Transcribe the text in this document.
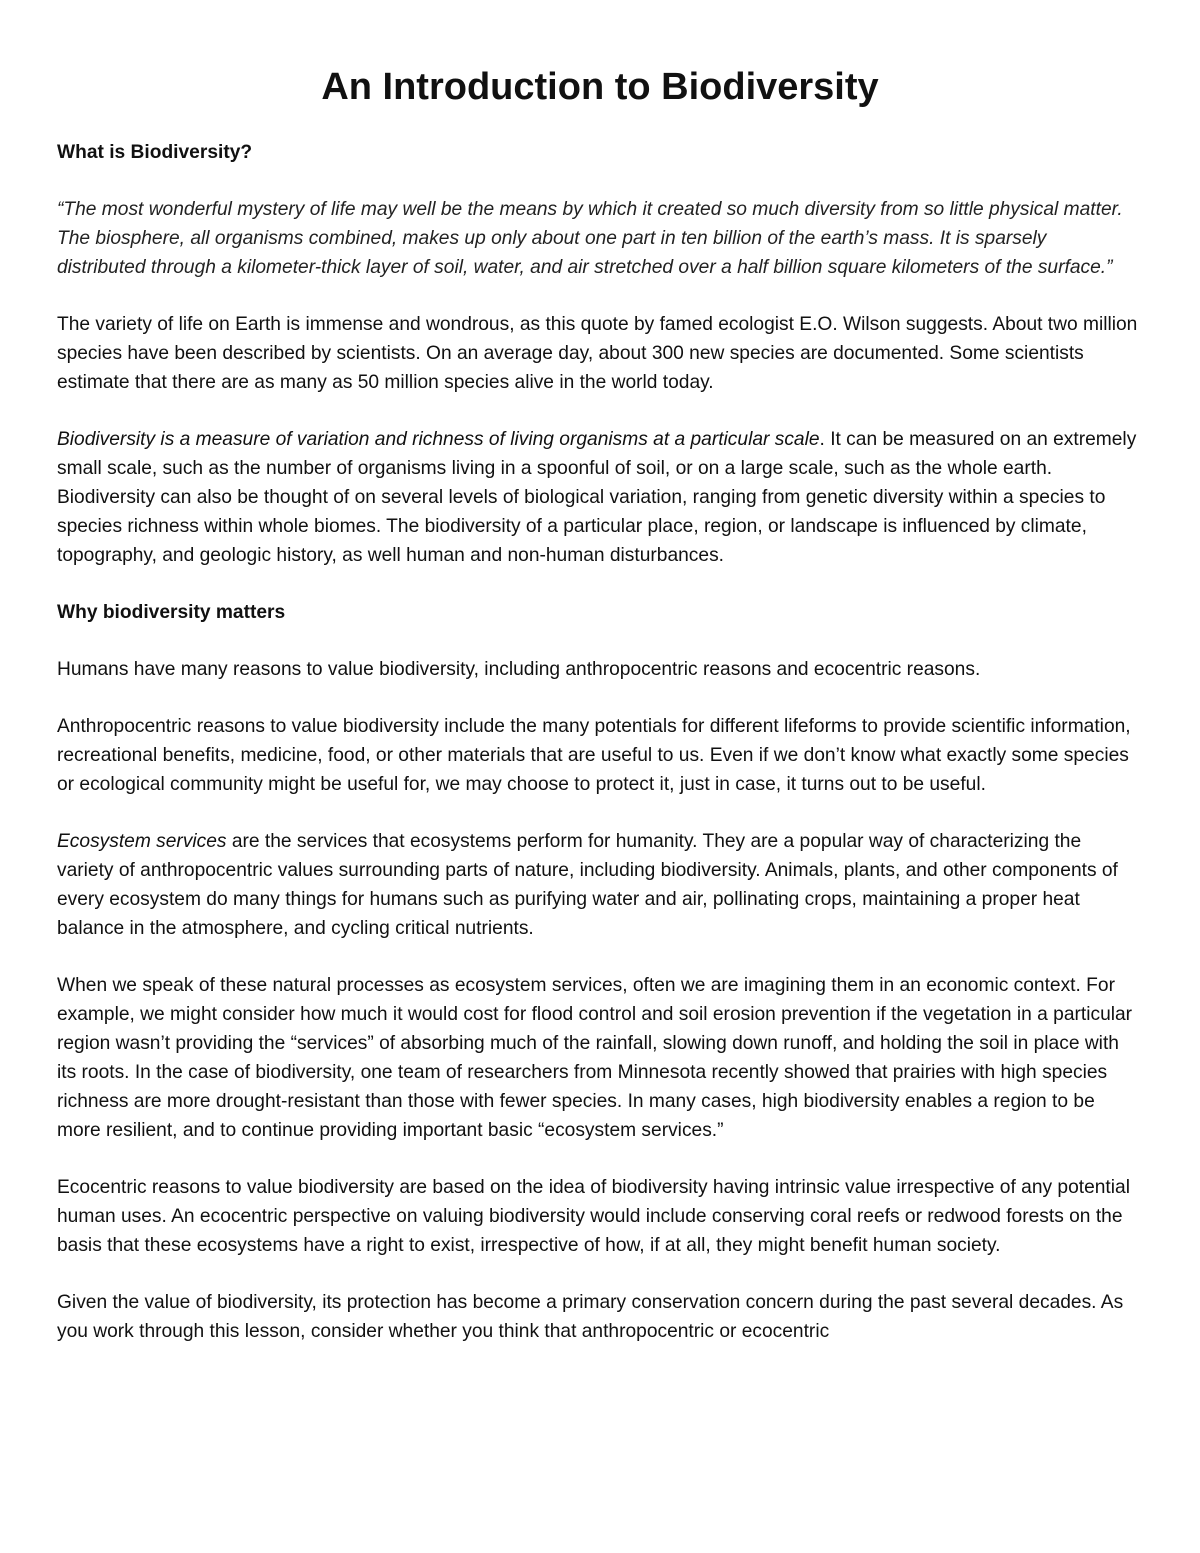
An Introduction to Biodiversity
What is Biodiversity?

“The most wonderful mystery of life may well be the means by which it created so much diversity from so little physical matter. The biosphere, all organisms combined, makes up only about one part in ten billion of the earth’s mass. It is sparsely distributed through a kilometer-thick layer of soil, water, and air stretched over a half billion square kilometers of the surface.”

The variety of life on Earth is immense and wondrous, as this quote by famed ecologist E.O. Wilson suggests. About two million species have been described by scientists. On an average day, about 300 new species are documented. Some scientists estimate that there are as many as 50 million species alive in the world today.

Biodiversity is a measure of variation and richness of living organisms at a particular scale. It can be measured on an extremely small scale, such as the number of organisms living in a spoonful of soil, or on a large scale, such as the whole earth. Biodiversity can also be thought of on several levels of biological variation, ranging from genetic diversity within a species to species richness within whole biomes. The biodiversity of a particular place, region, or landscape is influenced by climate, topography, and geologic history, as well human and non-human disturbances.

Why biodiversity matters

Humans have many reasons to value biodiversity, including anthropocentric reasons and ecocentric reasons.

Anthropocentric reasons to value biodiversity include the many potentials for different lifeforms to provide scientific information, recreational benefits, medicine, food, or other materials that are useful to us. Even if we don’t know what exactly some species or ecological community might be useful for, we may choose to protect it, just in case, it turns out to be useful.

Ecosystem services are the services that ecosystems perform for humanity. They are a popular way of characterizing the variety of anthropocentric values surrounding parts of nature, including biodiversity. Animals, plants, and other components of every ecosystem do many things for humans such as purifying water and air, pollinating crops, maintaining a proper heat balance in the atmosphere, and cycling critical nutrients.

When we speak of these natural processes as ecosystem services, often we are imagining them in an economic context. For example, we might consider how much it would cost for flood control and soil erosion prevention if the vegetation in a particular region wasn’t providing the “services” of absorbing much of the rainfall, slowing down runoff, and holding the soil in place with its roots. In the case of biodiversity, one team of researchers from Minnesota recently showed that prairies with high species richness are more drought-resistant than those with fewer species. In many cases, high biodiversity enables a region to be more resilient, and to continue providing important basic “ecosystem services.”

Ecocentric reasons to value biodiversity are based on the idea of biodiversity having intrinsic value irrespective of any potential human uses. An ecocentric perspective on valuing biodiversity would include conserving coral reefs or redwood forests on the basis that these ecosystems have a right to exist, irrespective of how, if at all, they might benefit human society.

Given the value of biodiversity, its protection has become a primary conservation concern during the past several decades. As you work through this lesson, consider whether you think that anthropocentric or ecocentric
